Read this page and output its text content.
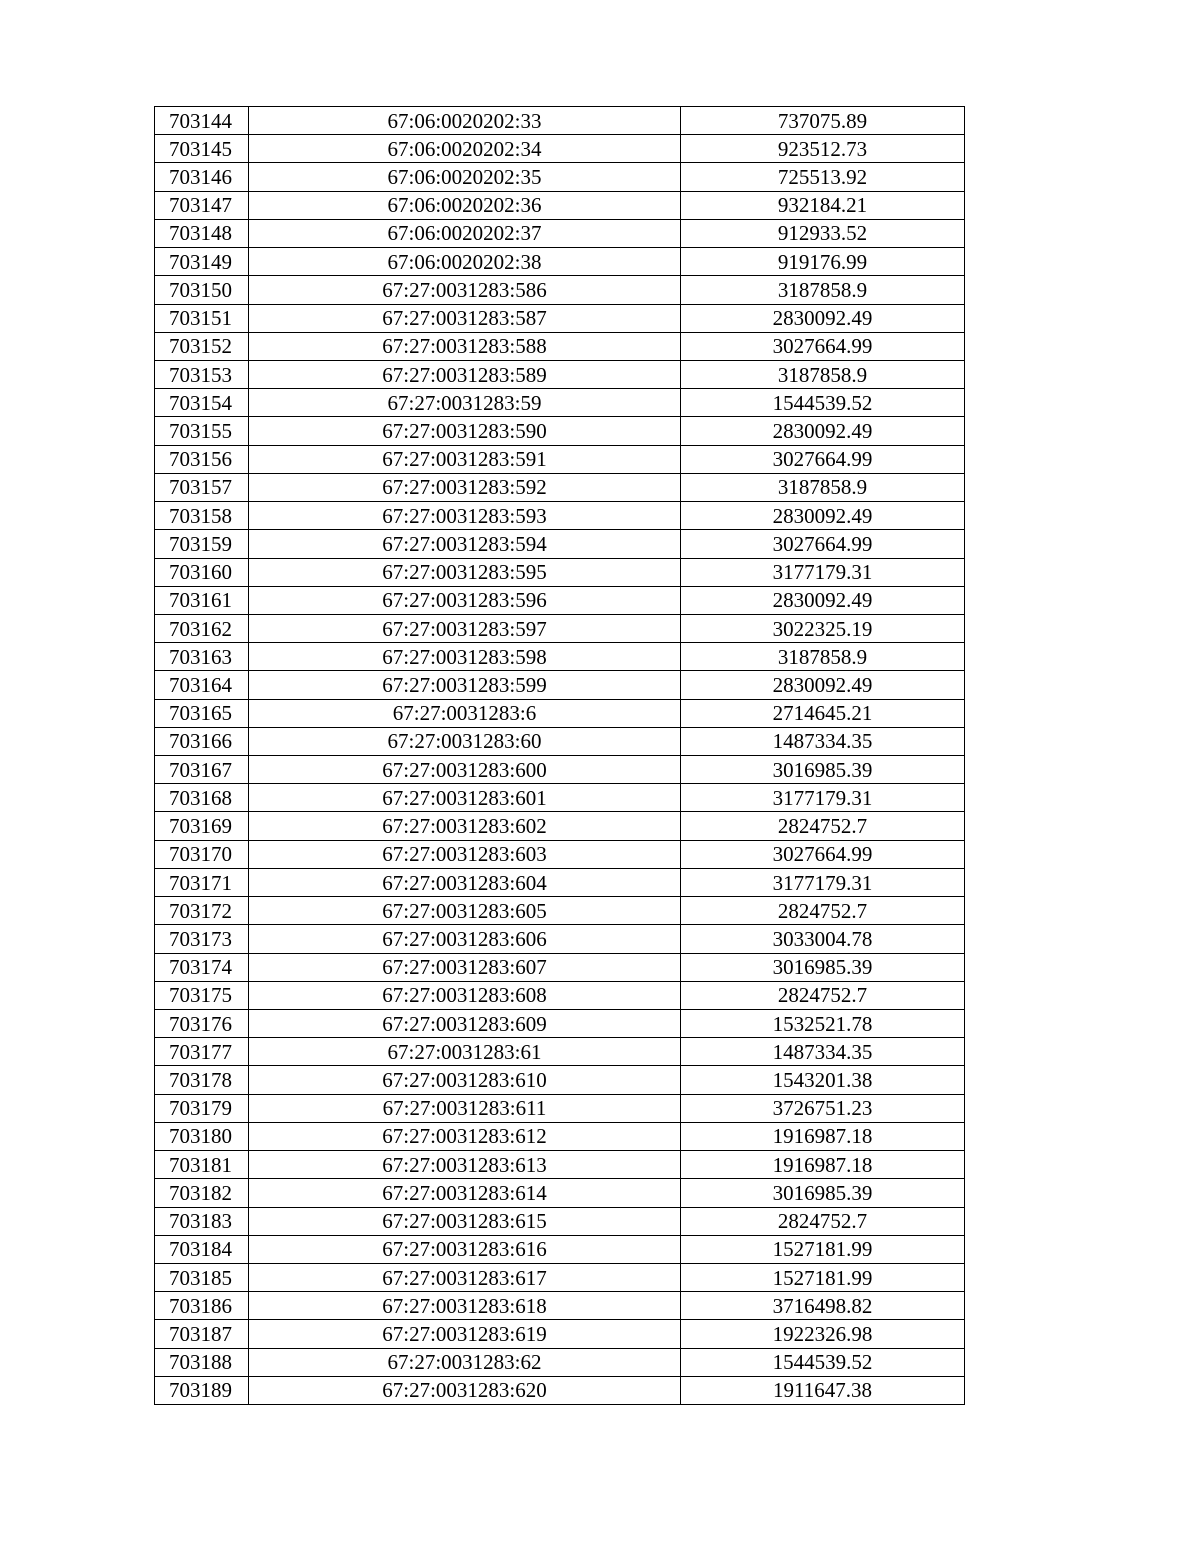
703144	67:06:0020202:33	737075.89
703145	67:06:0020202:34	923512.73
703146	67:06:0020202:35	725513.92
703147	67:06:0020202:36	932184.21
703148	67:06:0020202:37	912933.52
703149	67:06:0020202:38	919176.99
703150	67:27:0031283:586	3187858.9
703151	67:27:0031283:587	2830092.49
703152	67:27:0031283:588	3027664.99
703153	67:27:0031283:589	3187858.9
703154	67:27:0031283:59	1544539.52
703155	67:27:0031283:590	2830092.49
703156	67:27:0031283:591	3027664.99
703157	67:27:0031283:592	3187858.9
703158	67:27:0031283:593	2830092.49
703159	67:27:0031283:594	3027664.99
703160	67:27:0031283:595	3177179.31
703161	67:27:0031283:596	2830092.49
703162	67:27:0031283:597	3022325.19
703163	67:27:0031283:598	3187858.9
703164	67:27:0031283:599	2830092.49
703165	67:27:0031283:6	2714645.21
703166	67:27:0031283:60	1487334.35
703167	67:27:0031283:600	3016985.39
703168	67:27:0031283:601	3177179.31
703169	67:27:0031283:602	2824752.7
703170	67:27:0031283:603	3027664.99
703171	67:27:0031283:604	3177179.31
703172	67:27:0031283:605	2824752.7
703173	67:27:0031283:606	3033004.78
703174	67:27:0031283:607	3016985.39
703175	67:27:0031283:608	2824752.7
703176	67:27:0031283:609	1532521.78
703177	67:27:0031283:61	1487334.35
703178	67:27:0031283:610	1543201.38
703179	67:27:0031283:611	3726751.23
703180	67:27:0031283:612	1916987.18
703181	67:27:0031283:613	1916987.18
703182	67:27:0031283:614	3016985.39
703183	67:27:0031283:615	2824752.7
703184	67:27:0031283:616	1527181.99
703185	67:27:0031283:617	1527181.99
703186	67:27:0031283:618	3716498.82
703187	67:27:0031283:619	1922326.98
703188	67:27:0031283:62	1544539.52
703189	67:27:0031283:620	1911647.38
